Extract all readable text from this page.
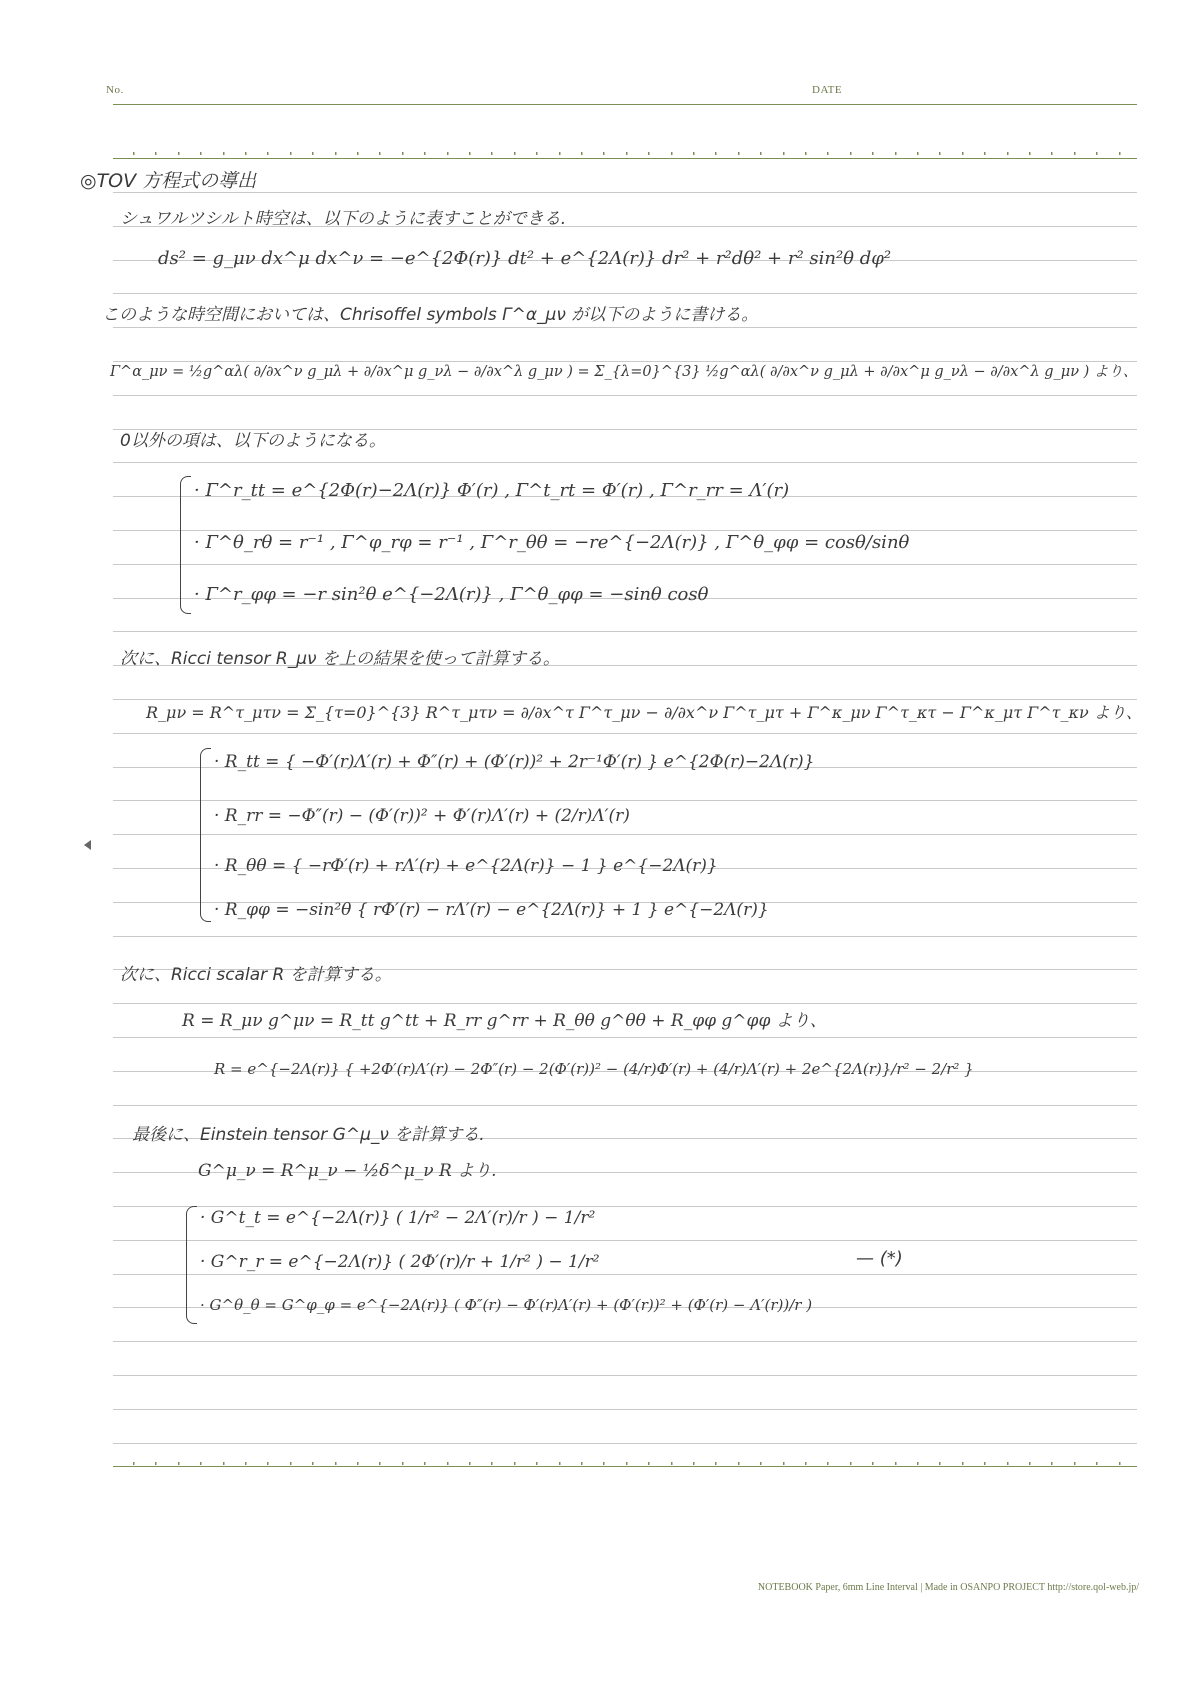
No.	DATE
◎TOV 方程式の導出
シュワルツシルト時空は、以下のように表すことができる.
ds² = g_μν dx^μ dx^ν = −e^{2Φ(r)} dt² + e^{2Λ(r)} dr² + r²dθ² + r² sin²θ dφ²
このような時空間においては、Chrisoffel symbols Γ^α_μν が以下のように書ける。
Γ^α_μν = ½g^αλ( ∂/∂x^ν g_μλ + ∂/∂x^μ g_νλ − ∂/∂x^λ g_μν ) = Σ_{λ=0}^{3} ½g^αλ( ∂/∂x^ν g_μλ + ∂/∂x^μ g_νλ − ∂/∂x^λ g_μν ) より、
0以外の項は、以下のようになる。
· Γ^r_tt = e^{2Φ(r)−2Λ(r)} Φ′(r) , Γ^t_rt = Φ′(r) , Γ^r_rr = Λ′(r)
· Γ^θ_rθ = r⁻¹ , Γ^φ_rφ = r⁻¹ , Γ^r_θθ = −re^{−2Λ(r)} , Γ^θ_φφ = cosθ/sinθ
· Γ^r_φφ = −r sin²θ e^{−2Λ(r)} , Γ^θ_φφ = −sinθ cosθ
次に、Ricci tensor R_μν を上の結果を使って計算する。
R_μν = R^τ_μτν = Σ_{τ=0}^{3} R^τ_μτν = ∂/∂x^τ Γ^τ_μν − ∂/∂x^ν Γ^τ_μτ + Γ^κ_μν Γ^τ_κτ − Γ^κ_μτ Γ^τ_κν より、
· R_tt = { −Φ′(r)Λ′(r) + Φ″(r) + (Φ′(r))² + 2r⁻¹Φ′(r) } e^{2Φ(r)−2Λ(r)}
· R_rr = −Φ″(r) − (Φ′(r))² + Φ′(r)Λ′(r) + (2/r)Λ′(r)
· R_θθ = { −rΦ′(r) + rΛ′(r) + e^{2Λ(r)} − 1 } e^{−2Λ(r)}
· R_φφ = −sin²θ { rΦ′(r) − rΛ′(r) − e^{2Λ(r)} + 1 } e^{−2Λ(r)}
次に、Ricci scalar R を計算する。
R = R_μν g^μν = R_tt g^tt + R_rr g^rr + R_θθ g^θθ + R_φφ g^φφ より、
R = e^{−2Λ(r)} { +2Φ′(r)Λ′(r) − 2Φ″(r) − 2(Φ′(r))² − (4/r)Φ′(r) + (4/r)Λ′(r) + 2e^{2Λ(r)}/r² − 2/r² }
最後に、Einstein tensor G^μ_ν を計算する.
G^μ_ν = R^μ_ν − ½δ^μ_ν R より.
· G^t_t = e^{−2Λ(r)} ( 1/r² − 2Λ′(r)/r ) − 1/r²
· G^r_r = e^{−2Λ(r)} ( 2Φ′(r)/r + 1/r² ) − 1/r²
· G^θ_θ = G^φ_φ = e^{−2Λ(r)} ( Φ″(r) − Φ′(r)Λ′(r) + (Φ′(r))² + (Φ′(r) − Λ′(r))/r )
— (*)
NOTEBOOK Paper, 6mm Line Interval | Made in OSANPO PROJECT http://store.qol-web.jp/
